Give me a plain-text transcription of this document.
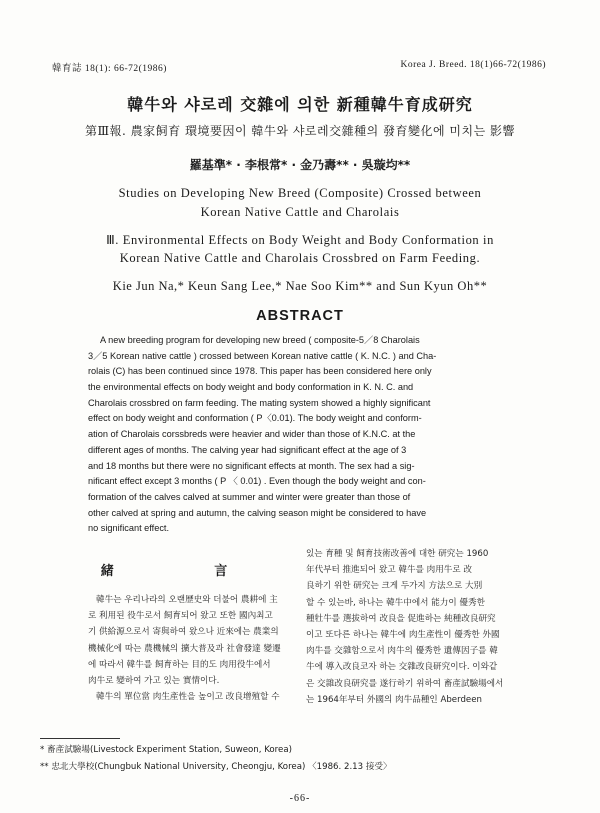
韓育誌 18(1): 66-72(1986)	Korea J. Breed. 18(1)66-72(1986)
韓牛와 샤로레 交雜에 의한 新種韓牛育成研究
第Ⅲ報. 農家飼育 環境要因이 韓牛와 샤로레交雜種의 發育變化에 미치는 影響
羅基準* · 李根常* · 金乃壽** · 吳璇均**
Studies on Developing New Breed (Composite) Crossed between
Korean Native Cattle and Charolais
Ⅲ. Environmental Effects on Body Weight and Body Conformation in
Korean Native Cattle and Charolais Crossbred on Farm Feeding.
Kie Jun Na,* Keun Sang Lee,* Nae Soo Kim** and Sun Kyun Oh**
ABSTRACT
A new breeding program for developing new breed ( composite-5／8 Charolais
3／5 Korean native cattle ) crossed between Korean native cattle ( K. N.C. ) and Cha-
rolais (C) has been continued since 1978. This paper has been considered here only
the environmental effects on body weight and body conformation in K. N. C. and
Charolais crossbred on farm feeding. The mating system showed a highly significant
effect on body weight and conformation ( P〈0.01). The body weight and conform-
ation of Charolais corssbreds were heavier and wider than those of K.N.C. at the
different ages of months. The calving year had significant effect at the age of 3
and 18 months but there were no significant effects at month. The sex had a sig-
nificant effect except 3 months ( P 〈 0.01) . Even though the body weight and con-
formation of the calves calved at summer and winter were greater than those of
other calved at spring and autumn, the calving season might be considered to have
no significant effect.
緒 言
韓牛는 우리나라의 오랜歷史와 더불어 農耕에 主
로 利用된 役牛로서 飼育되어 왔고 또한 國內최고
기 供給源으로서 寄與하여 왔으나 近來에는 農業의
機械化에 따는 農機械의 擴大普及과 社會發達 變遷
에 따라서 韓牛를 飼育하는 目的도 肉用役牛에서
肉牛로 變하여 가고 있는 實情이다.
韓牛의 單位當 肉生產性을 높이고 改良增殖할 수
있는 育種 및 飼育技術改善에 대한 研究는 1960
年代부터 推進되어 왔고 韓牛를 肉用牛로 改
良하기 위한 研究는 크게 두가지 方法으로 大別
할 수 있는바, 하나는 韓牛中에서 能力이 優秀한
種牡牛를 選拔하여 改良을 促進하는 純種改良研究
이고 또다른 하나는 韓牛에 肉生產性이 優秀한 外國
肉牛를 交雜함으로서 肉牛의 優秀한 遺傳因子를 韓
牛에 導入改良코자 하는 交雜改良研究이다. 이와같
은 交雜改良研究를 遂行하기 위하여 畜產試驗場에서
는 1964年부터 外國의 肉牛品種인 Aberdeen
* 畜產試驗場(Livestock Experiment Station, Suweon, Korea)
** 忠北大學校(Chungbuk National University, Cheongju, Korea) 〈1986. 2.13 接受〉
-66-
